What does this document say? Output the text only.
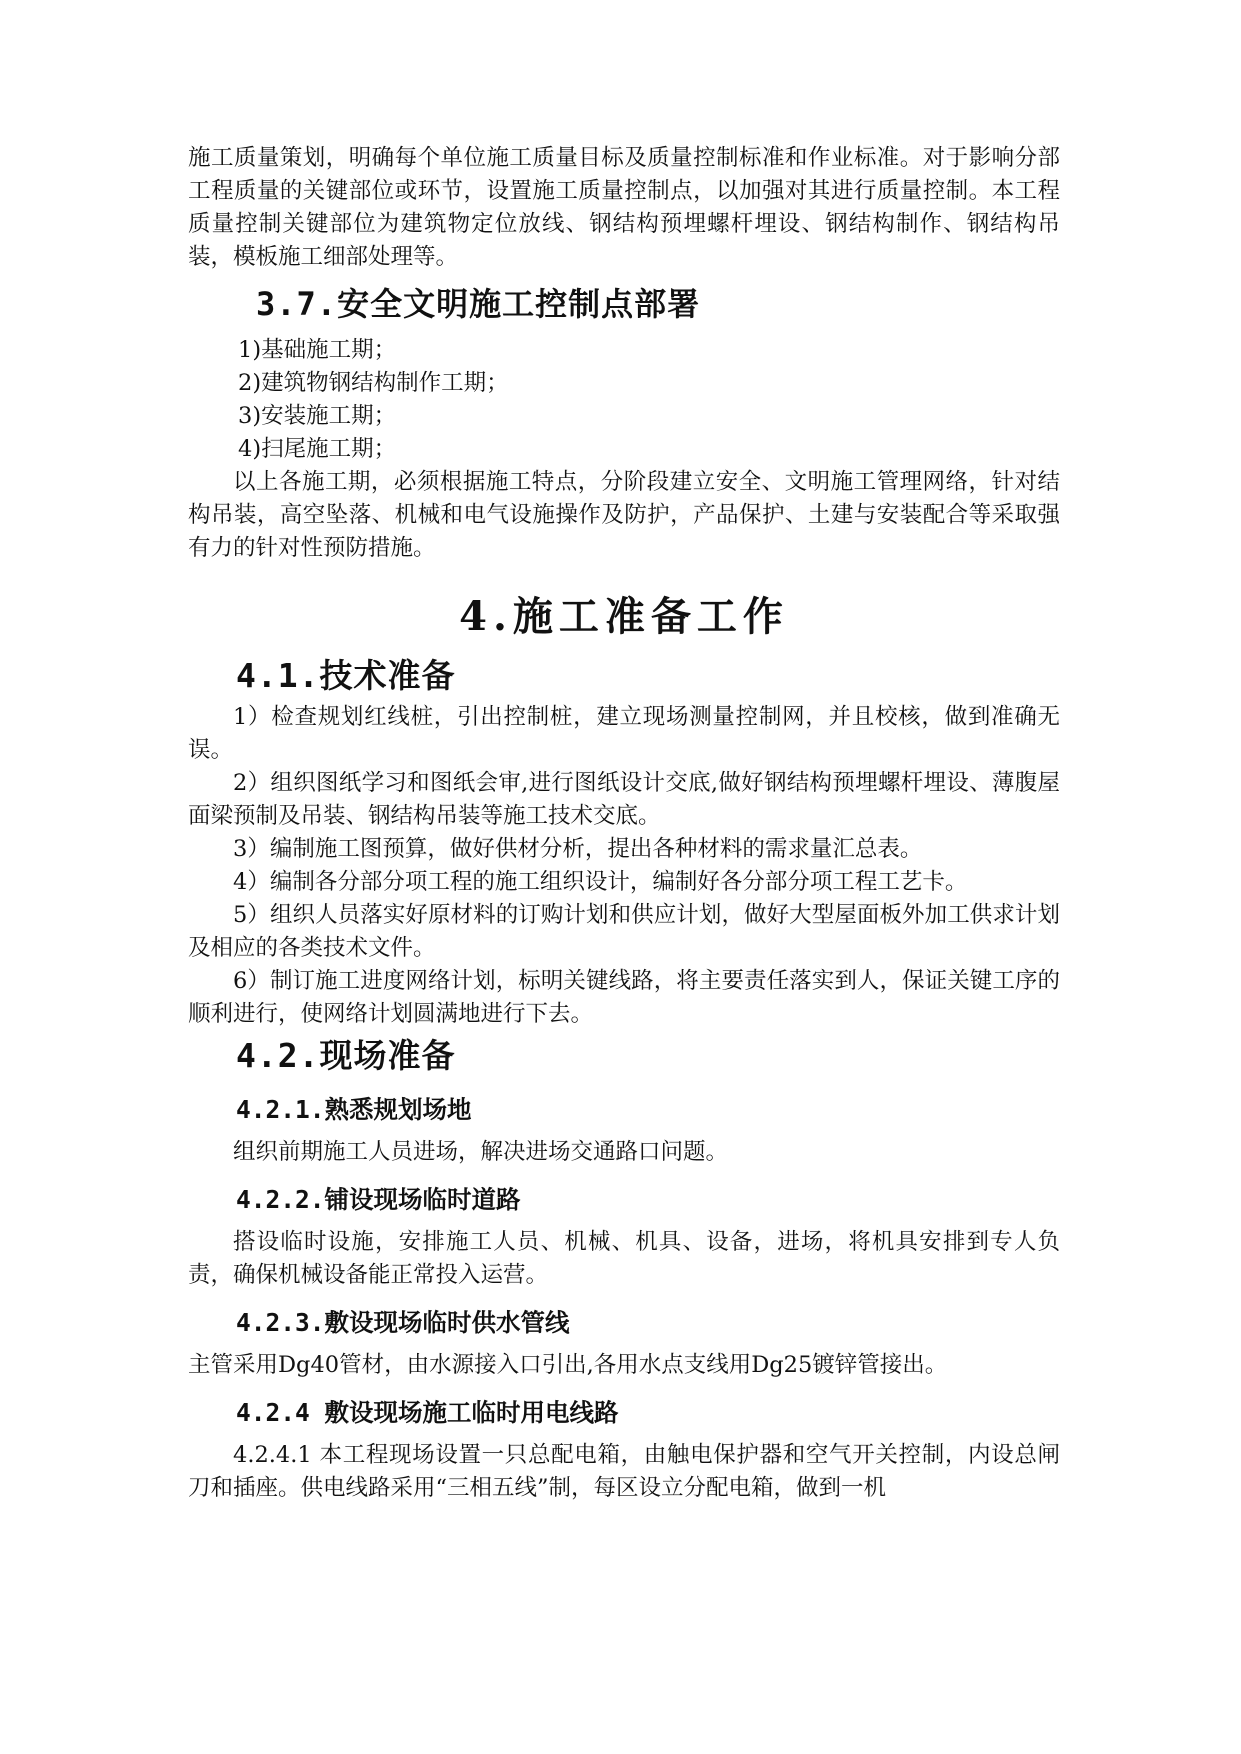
施工质量策划，明确每个单位施工质量目标及质量控制标准和作业标准。对于影响分部工程质量的关键部位或环节，设置施工质量控制点，以加强对其进行质量控制。本工程质量控制关键部位为建筑物定位放线、钢结构预埋螺杆埋设、钢结构制作、钢结构吊装，模板施工细部处理等。

3.7.安全文明施工控制点部署

1)基础施工期；

2)建筑物钢结构制作工期；

3)安装施工期；

4)扫尾施工期；

以上各施工期，必须根据施工特点，分阶段建立安全、文明施工管理网络，针对结构吊装，高空坠落、机械和电气设施操作及防护，产品保护、土建与安装配合等采取强有力的针对性预防措施。

4.施工准备工作
4.1.技术准备

1）检查规划红线桩，引出控制桩，建立现场测量控制网，并且校核，做到准确无误。

2）组织图纸学习和图纸会审,进行图纸设计交底,做好钢结构预埋螺杆埋设、薄腹屋面梁预制及吊装、钢结构吊装等施工技术交底。

3）编制施工图预算，做好供材分析，提出各种材料的需求量汇总表。

4）编制各分部分项工程的施工组织设计，编制好各分部分项工程工艺卡。

5）组织人员落实好原材料的订购计划和供应计划，做好大型屋面板外加工供求计划及相应的各类技术文件。

6）制订施工进度网络计划，标明关键线路，将主要责任落实到人，保证关键工序的顺利进行，使网络计划圆满地进行下去。

4.2.现场准备
4.2.1.熟悉规划场地

组织前期施工人员进场，解决进场交通路口问题。

4.2.2.铺设现场临时道路

搭设临时设施，安排施工人员、机械、机具、设备，进场，将机具安排到专人负责，确保机械设备能正常投入运营。

4.2.3.敷设现场临时供水管线

主管采用Dg40管材，由水源接入口引出,各用水点支线用Dg25镀锌管接出。

4.2.4 敷设现场施工临时用电线路

4.2.4.1 本工程现场设置一只总配电箱，由触电保护器和空气开关控制，内设总闸刀和插座。供电线路采用“三相五线”制，每区设立分配电箱，做到一机
